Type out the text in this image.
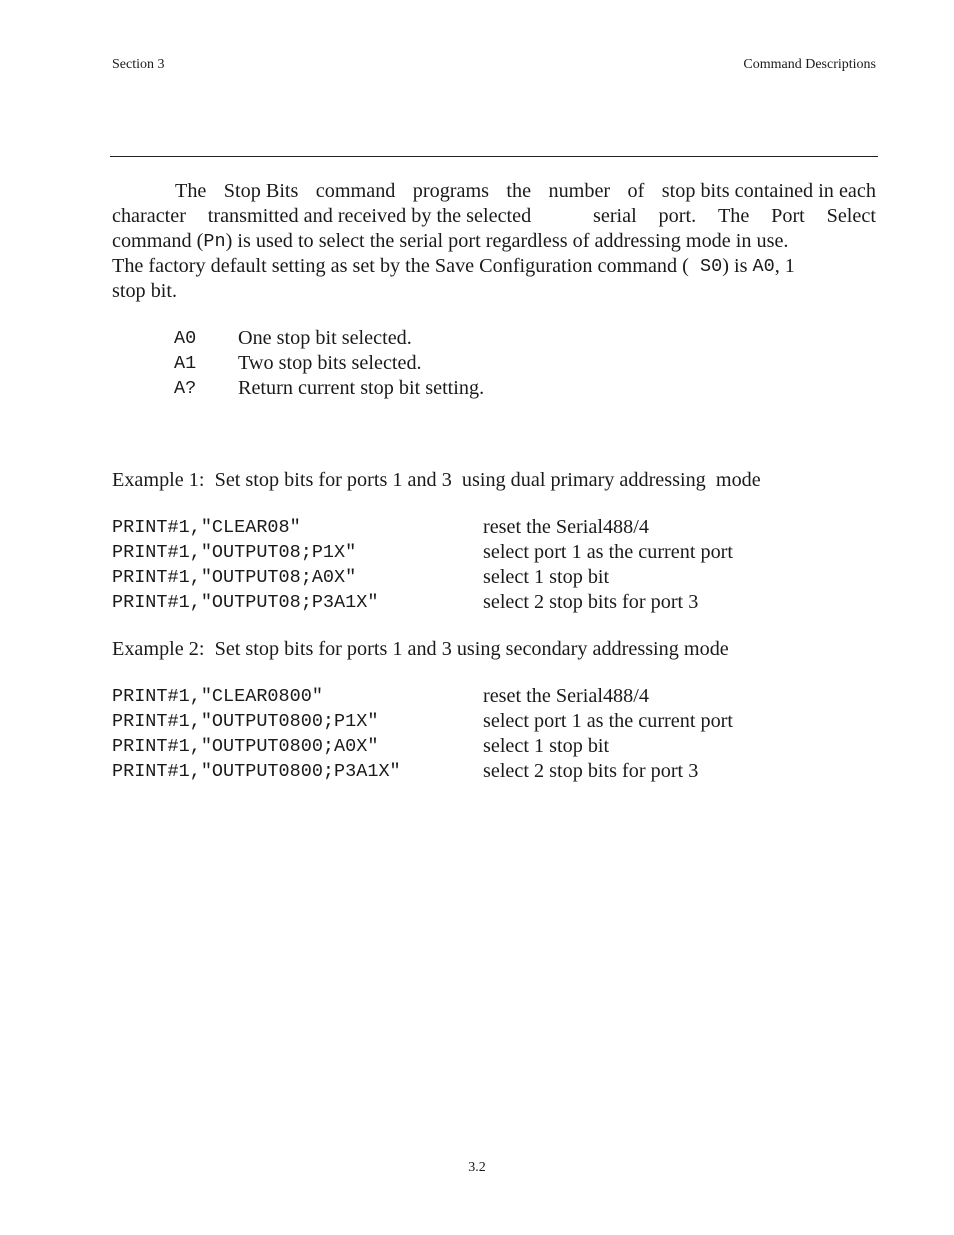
Section 3	Command Descriptions
The Stop Bits command programs the number of stop bits contained in each
character transmitted and received by the selected	serial port. The Port Select
command ( Pn ) is used to select the serial port regardless of addressing mode in use.
The factory default setting as set by the Save Configuration command ( S0 ) is A0 , 1
stop bit.
A0	One stop bit selected.
A1	Two stop bits selected.
A?	Return current stop bit setting.
Example 1:  Set stop bits for ports 1 and 3  using dual primary addressing  mode
PRINT#1,"CLEAR08"	reset the Serial488/4
PRINT#1,"OUTPUT08;P1X"	select port 1 as the current port
PRINT#1,"OUTPUT08;A0X"	select 1 stop bit
PRINT#1,"OUTPUT08;P3A1X"	select 2 stop bits for port 3
Example 2:  Set stop bits for ports 1 and 3 using secondary addressing mode
PRINT#1,"CLEAR0800"	reset the Serial488/4
PRINT#1,"OUTPUT0800;P1X"	select port 1 as the current port
PRINT#1,"OUTPUT0800;A0X"	select 1 stop bit
PRINT#1,"OUTPUT0800;P3A1X"	select 2 stop bits for port 3
3.2
